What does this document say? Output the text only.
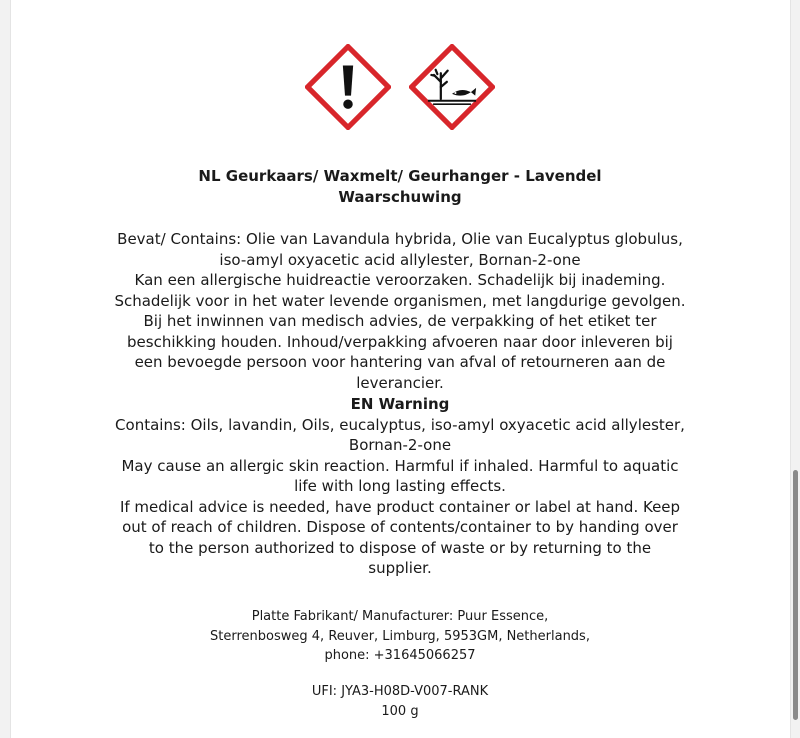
NL Geurkaars/ Waxmelt/ Geurhanger - Lavendel
Waarschuwing
Bevat/ Contains: Olie van Lavandula hybrida, Olie van Eucalyptus globulus,
iso-amyl oxyacetic acid allylester, Bornan-2-one
Kan een allergische huidreactie veroorzaken. Schadelijk bij inademing.
Schadelijk voor in het water levende organismen, met langdurige gevolgen.
Bij het inwinnen van medisch advies, de verpakking of het etiket ter
beschikking houden. Inhoud/verpakking afvoeren naar door inleveren bij
een bevoegde persoon voor hantering van afval of retourneren aan de
leverancier.
EN Warning
Contains: Oils, lavandin, Oils, eucalyptus, iso-amyl oxyacetic acid allylester,
Bornan-2-one
May cause an allergic skin reaction. Harmful if inhaled. Harmful to aquatic
life with long lasting effects.
If medical advice is needed, have product container or label at hand. Keep
out of reach of children. Dispose of contents/container to by handing over
to the person authorized to dispose of waste or by returning to the
supplier.
Platte Fabrikant/ Manufacturer: Puur Essence,
Sterrenbosweg 4, Reuver, Limburg, 5953GM, Netherlands,
phone: +31645066257
UFI: JYA3-H08D-V007-RANK
100 g
